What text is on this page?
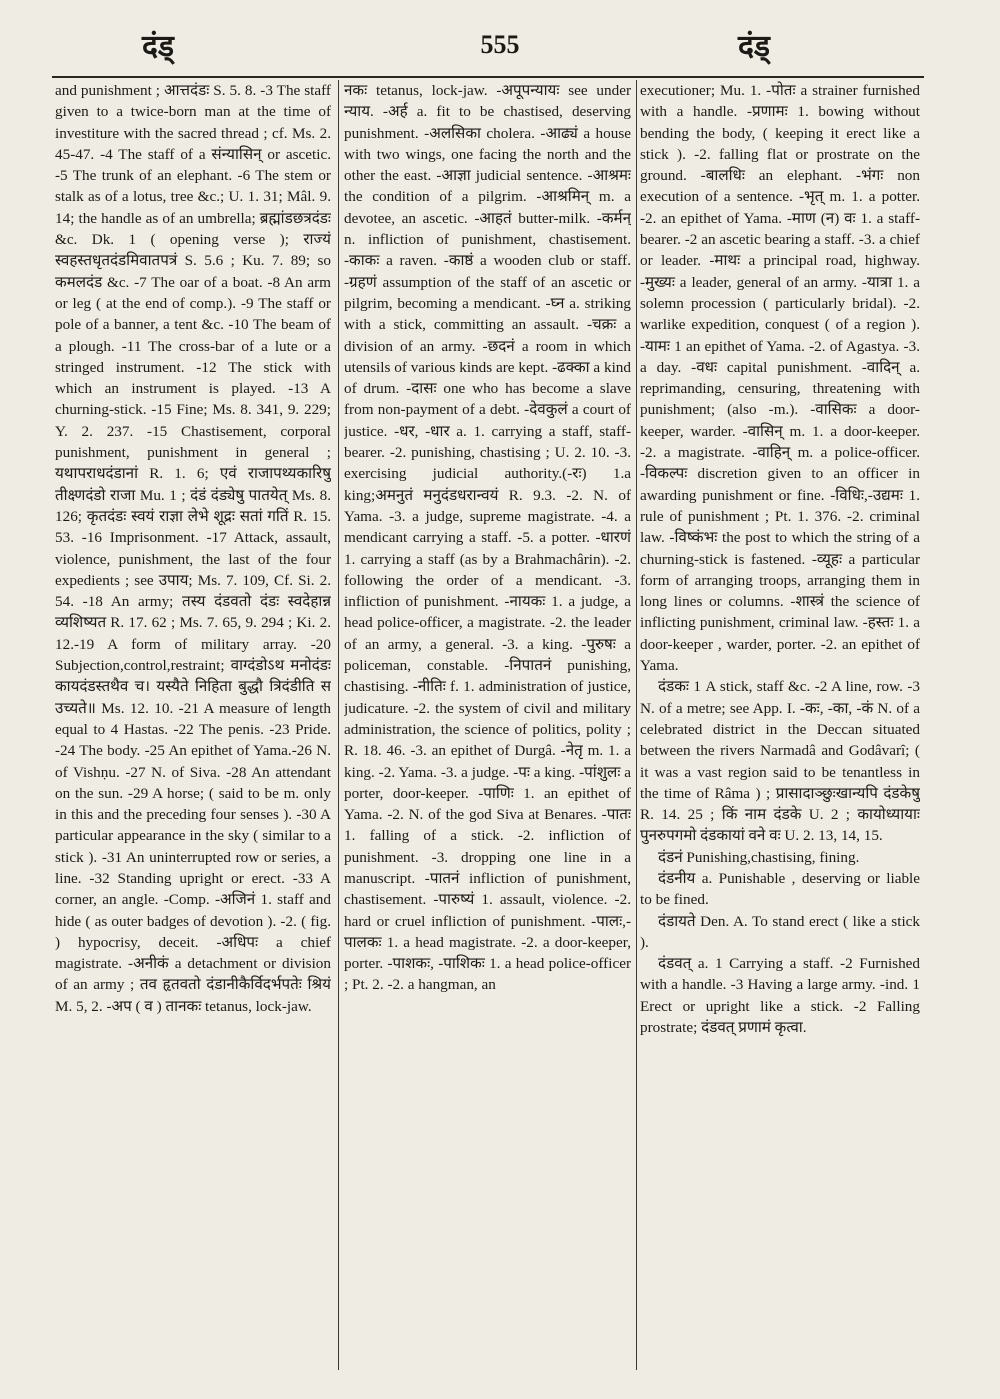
दंड्	555	दंड्

and punishment ; आत्तदंडः S. 5. 8. -3 The staff given to a twice-born man at the time of investiture with the sacred thread ; cf. Ms. 2. 45-47. -4 The staff of a संन्यासिन् or ascetic. -5 The trunk of an elephant. -6 The stem or stalk as of a lotus, tree &c.; U. 1. 31; Mâl. 9. 14; the handle as of an umbrella; ब्रह्मांडछत्रदंडः &c. Dk. 1 ( opening verse ); राज्यं स्वहस्तधृतदंडमिवातपत्रं S. 5.6 ; Ku. 7. 89; so कमलदंड &c. -7 The oar of a boat. -8 An arm or leg ( at the end of comp.). -9 The staff or pole of a banner, a tent &c. -10 The beam of a plough. -11 The cross-bar of a lute or a stringed instrument. -12 The stick with which an instrument is played. -13 A churning-stick. -15 Fine; Ms. 8. 341, 9. 229; Y. 2. 237. -15 Chastisement, corporal punishment, punishment in general ; यथापराधदंडानां R. 1. 6; एवं राजापथ्यकारिषु तीक्ष्णदंडो राजा Mu. 1 ; दंडं दंड्येषु पातयेत् Ms. 8. 126; कृतदंडः स्वयं राज्ञा लेभे शूद्रः सतां गतिं R. 15. 53. -16 Imprisonment. -17 Attack, assault, violence, punishment, the last of the four expedients ; see उपाय; Ms. 7. 109, Cf. Si. 2. 54. -18 An army; तस्य दंडवतो दंडः स्वदेहान्न व्यशिष्यत R. 17. 62 ; Ms. 7. 65, 9. 294 ; Ki. 2. 12.-19 A form of military array. -20 Subjection,control,restraint; वाग्दंडोऽथ मनोदंडः कायदंडस्तथैव च। यस्यैते निहिता बुद्धौ त्रिदंडीति स उच्यते॥ Ms. 12. 10. -21 A measure of length equal to 4 Hastas. -22 The penis. -23 Pride. -24 The body. -25 An epithet of Yama.-26 N. of Vishṇu. -27 N. of Siva. -28 An attendant on the sun. -29 A horse; ( said to be m. only in this and the preceding four senses ). -30 A particular appearance in the sky ( similar to a stick ). -31 An uninterrupted row or series, a line. -32 Standing upright or erect. -33 A corner, an angle. -Comp. -अजिनं 1. staff and hide ( as outer badges of devotion ). -2. ( fig. ) hypocrisy, deceit. -अधिपः a chief magistrate. -अनीकं a detachment or division of an army ; तव हृतवतो दंडानीकैर्विदर्भपतेः श्रियं M. 5, 2. -अप ( व ) तानकः tetanus, lock-jaw.

नकः tetanus, lock-jaw. -अपूपन्यायः see under न्याय. -अर्ह a. fit to be chastised, deserving punishment. -अलसिका cholera. -आढ्यं a house with two wings, one facing the north and the other the east. -आज्ञा judicial sentence. -आश्रमः the condition of a pilgrim. -आश्रमिन् m. a devotee, an ascetic. -आहतं butter-milk. -कर्मन् n. infliction of punishment, chastisement. -काकः a raven. -काष्ठं a wooden club or staff. -ग्रहणं assumption of the staff of an ascetic or pilgrim, becoming a mendicant. -घ्न a. striking with a stick, committing an assault. -चक्रः a division of an army. -छदनं a room in which utensils of various kinds are kept. -ढक्का a kind of drum. -दासः one who has become a slave from non-payment of a debt. -देवकुलं a court of justice. -धर, -धार a. 1. carrying a staff, staff-bearer. -2. punishing, chastising ; U. 2. 10. -3. exercising judicial authority.(-रः) 1.a king;अमनुतं मनुदंडधरान्वयं R. 9.3. -2. N. of Yama. -3. a judge, supreme magistrate. -4. a mendicant carrying a staff. -5. a potter. -धारणं 1. carrying a staff (as by a Brahmachârin). -2. following the order of a mendicant. -3. infliction of punishment. -नायकः 1. a judge, a head police-officer, a magistrate. -2. the leader of an army, a general. -3. a king. -पुरुषः a policeman, constable. -निपातनं punishing, chastising. -नीतिः f. 1. administration of justice, judicature. -2. the system of civil and military administration, the science of politics, polity ; R. 18. 46. -3. an epithet of Durgâ. -नेतृ m. 1. a king. -2. Yama. -3. a judge. -पः a king. -पांशुलः a porter, door-keeper. -पाणिः 1. an epithet of Yama. -2. N. of the god Siva at Benares. -पातः 1. falling of a stick. -2. infliction of punishment. -3. dropping one line in a manuscript. -पातनं infliction of punishment, chastisement. -पारुष्यं 1. assault, violence. -2. hard or cruel infliction of punishment. -पालः,-पालकः 1. a head magistrate. -2. a door-keeper, porter. -पाशकः, -पाशिकः 1. a head police-officer ; Pt. 2. -2. a hangman, an

executioner; Mu. 1. -पोतः a strainer furnished with a handle. -प्रणामः 1. bowing without bending the body, ( keeping it erect like a stick ). -2. falling flat or prostrate on the ground. -बालधिः an elephant. -भंगः non execution of a sentence. -भृत् m. 1. a potter. -2. an epithet of Yama. -माण (न) वः 1. a staff-bearer. -2 an ascetic bearing a staff. -3. a chief or leader. -माथः a principal road, highway. -मुख्यः a leader, general of an army. -यात्रा 1. a solemn procession ( particularly bridal). -2. warlike expedition, conquest ( of a region ). -यामः 1 an epithet of Yama. -2. of Agastya. -3. a day. -वधः capital punishment. -वादिन् a. reprimanding, censuring, threatening with punishment; (also -m.). -वासिकः a door-keeper, warder. -वासिन् m. 1. a door-keeper. -2. a magistrate. -वाहिन् m. a police-officer. -विकल्पः discretion given to an officer in awarding punishment or fine. -विधिः,-उद्यमः 1. rule of punishment ; Pt. 1. 376. -2. criminal law. -विष्कंभः the post to which the string of a churning-stick is fastened. -व्यूहः a particular form of arranging troops, arranging them in long lines or columns. -शास्त्रं the science of inflicting punishment, criminal law. -हस्तः 1. a door-keeper , warder, porter. -2. an epithet of Yama.

दंडकः 1 A stick, staff &c. -2 A line, row. -3 N. of a metre; see App. I. -कः, -का, -कं N. of a celebrated district in the Deccan situated between the rivers Narmadâ and Godâvarî; ( it was a vast region said to be tenantless in the time of Râma ) ; प्रासादाञ्छुःखान्यपि दंडकेषु R. 14. 25 ; किं नाम दंडके U. 2 ; कायोध्यायाः पुनरुपगमो दंडकायां वने वः U. 2. 13, 14, 15.

दंडनं Punishing,chastising, fining.

दंडनीय a. Punishable , deserving or liable to be fined.

दंडायते Den. A. To stand erect ( like a stick ).

दंडवत् a. 1 Carrying a staff. -2 Furnished with a handle. -3 Having a large army. -ind. 1 Erect or upright like a stick. -2 Falling prostrate; दंडवत् प्रणामं कृत्वा.
